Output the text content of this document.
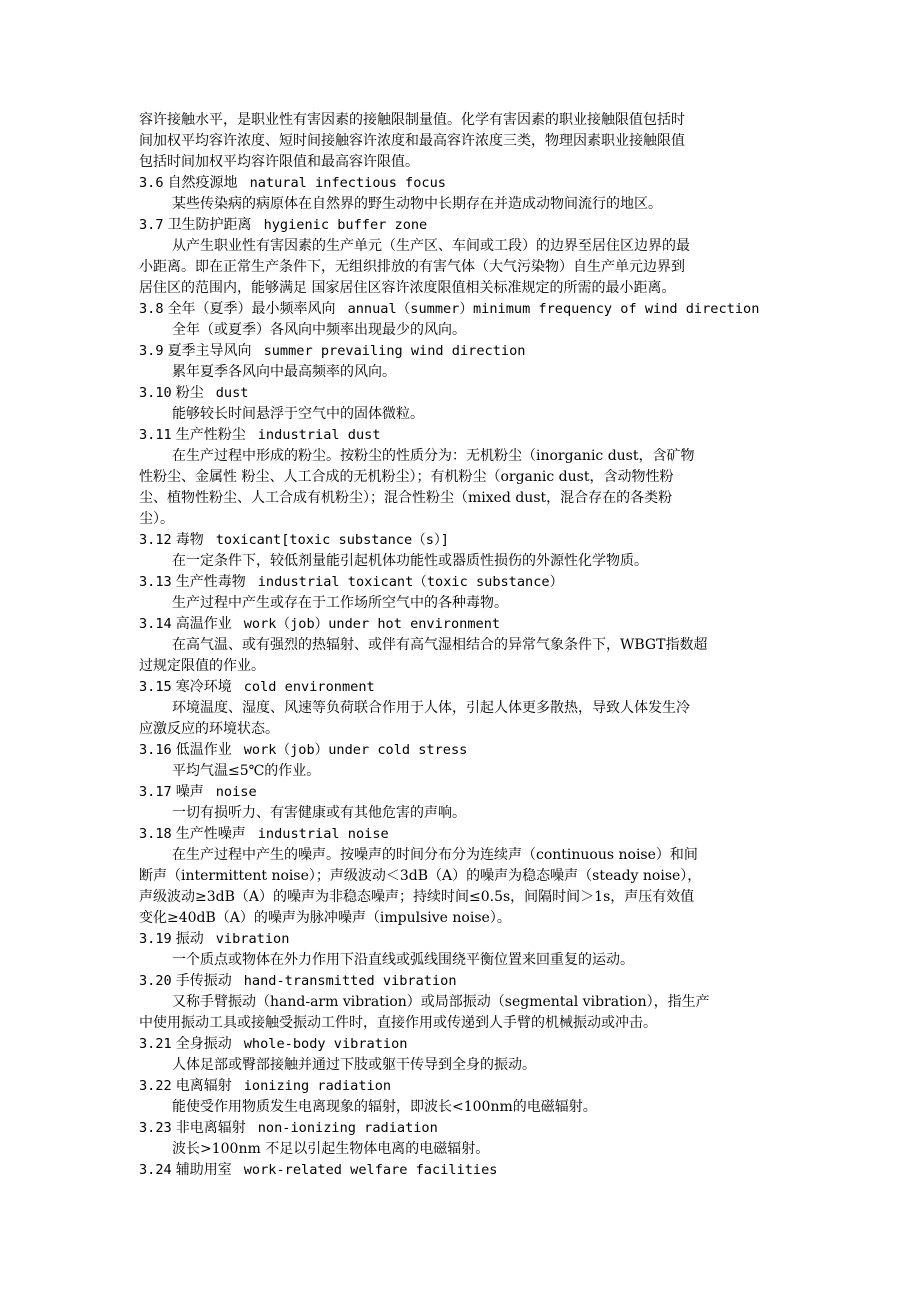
容许接触水平，是职业性有害因素的接触限制量值。化学有害因素的职业接触限值包括时
间加权平均容许浓度、短时间接触容许浓度和最高容许浓度三类，物理因素职业接触限值
包括时间加权平均容许限值和最高容许限值。
3.6 自然疫源地 natural infectious focus
某些传染病的病原体在自然界的野生动物中长期存在并造成动物间流行的地区。
3.7 卫生防护距离 hygienic buffer zone
从产生职业性有害因素的生产单元（生产区、车间或工段）的边界至居住区边界的最
小距离。即在正常生产条件下，无组织排放的有害气体（大气污染物）自生产单元边界到
居住区的范围内，能够满足 国家居住区容许浓度限值相关标准规定的所需的最小距离。
3.8 全年（夏季）最小频率风向 annual（summer）minimum frequency of wind direction
全年（或夏季）各风向中频率出现最少的风向。
3.9 夏季主导风向 summer prevailing wind direction
累年夏季各风向中最高频率的风向。
3.10 粉尘 dust
能够较长时间悬浮于空气中的固体微粒。
3.11 生产性粉尘 industrial dust
在生产过程中形成的粉尘。按粉尘的性质分为：无机粉尘（inorganic dust，含矿物
性粉尘、金属性 粉尘、人工合成的无机粉尘）；有机粉尘（organic dust，含动物性粉
尘、植物性粉尘、人工合成有机粉尘）；混合性粉尘（mixed dust，混合存在的各类粉
尘）。
3.12 毒物 toxicant[toxic substance（s）]
在一定条件下，较低剂量能引起机体功能性或器质性损伤的外源性化学物质。
3.13 生产性毒物 industrial toxicant（toxic substance）
生产过程中产生或存在于工作场所空气中的各种毒物。
3.14 高温作业 work（job）under hot environment
在高气温、或有强烈的热辐射、或伴有高气湿相结合的异常气象条件下，WBGT指数超
过规定限值的作业。
3.15 寒冷环境 cold environment
环境温度、湿度、风速等负荷联合作用于人体，引起人体更多散热，导致人体发生冷
应激反应的环境状态。
3.16 低温作业 work（job）under cold stress
平均气温≤5℃的作业。
3.17 噪声 noise
一切有损听力、有害健康或有其他危害的声响。
3.18 生产性噪声 industrial noise
在生产过程中产生的噪声。按噪声的时间分布分为连续声（continuous noise）和间
断声（intermittent noise）；声级波动＜3dB（A）的噪声为稳态噪声（steady noise），
声级波动≥3dB（A）的噪声为非稳态噪声；持续时间≤0.5s，间隔时间＞1s，声压有效值
变化≥40dB（A）的噪声为脉冲噪声（impulsive noise）。
3.19 振动 vibration
一个质点或物体在外力作用下沿直线或弧线围绕平衡位置来回重复的运动。
3.20 手传振动 hand-transmitted vibration
又称手臂振动（hand-arm vibration）或局部振动（segmental vibration），指生产
中使用振动工具或接触受振动工件时，直接作用或传递到人手臂的机械振动或冲击。
3.21 全身振动 whole-body vibration
人体足部或臀部接触并通过下肢或躯干传导到全身的振动。
3.22 电离辐射 ionizing radiation
能使受作用物质发生电离现象的辐射，即波长<100nm的电磁辐射。
3.23 非电离辐射 non-ionizing radiation
波长>100nm 不足以引起生物体电离的电磁辐射。
3.24 辅助用室 work-related welfare facilities
